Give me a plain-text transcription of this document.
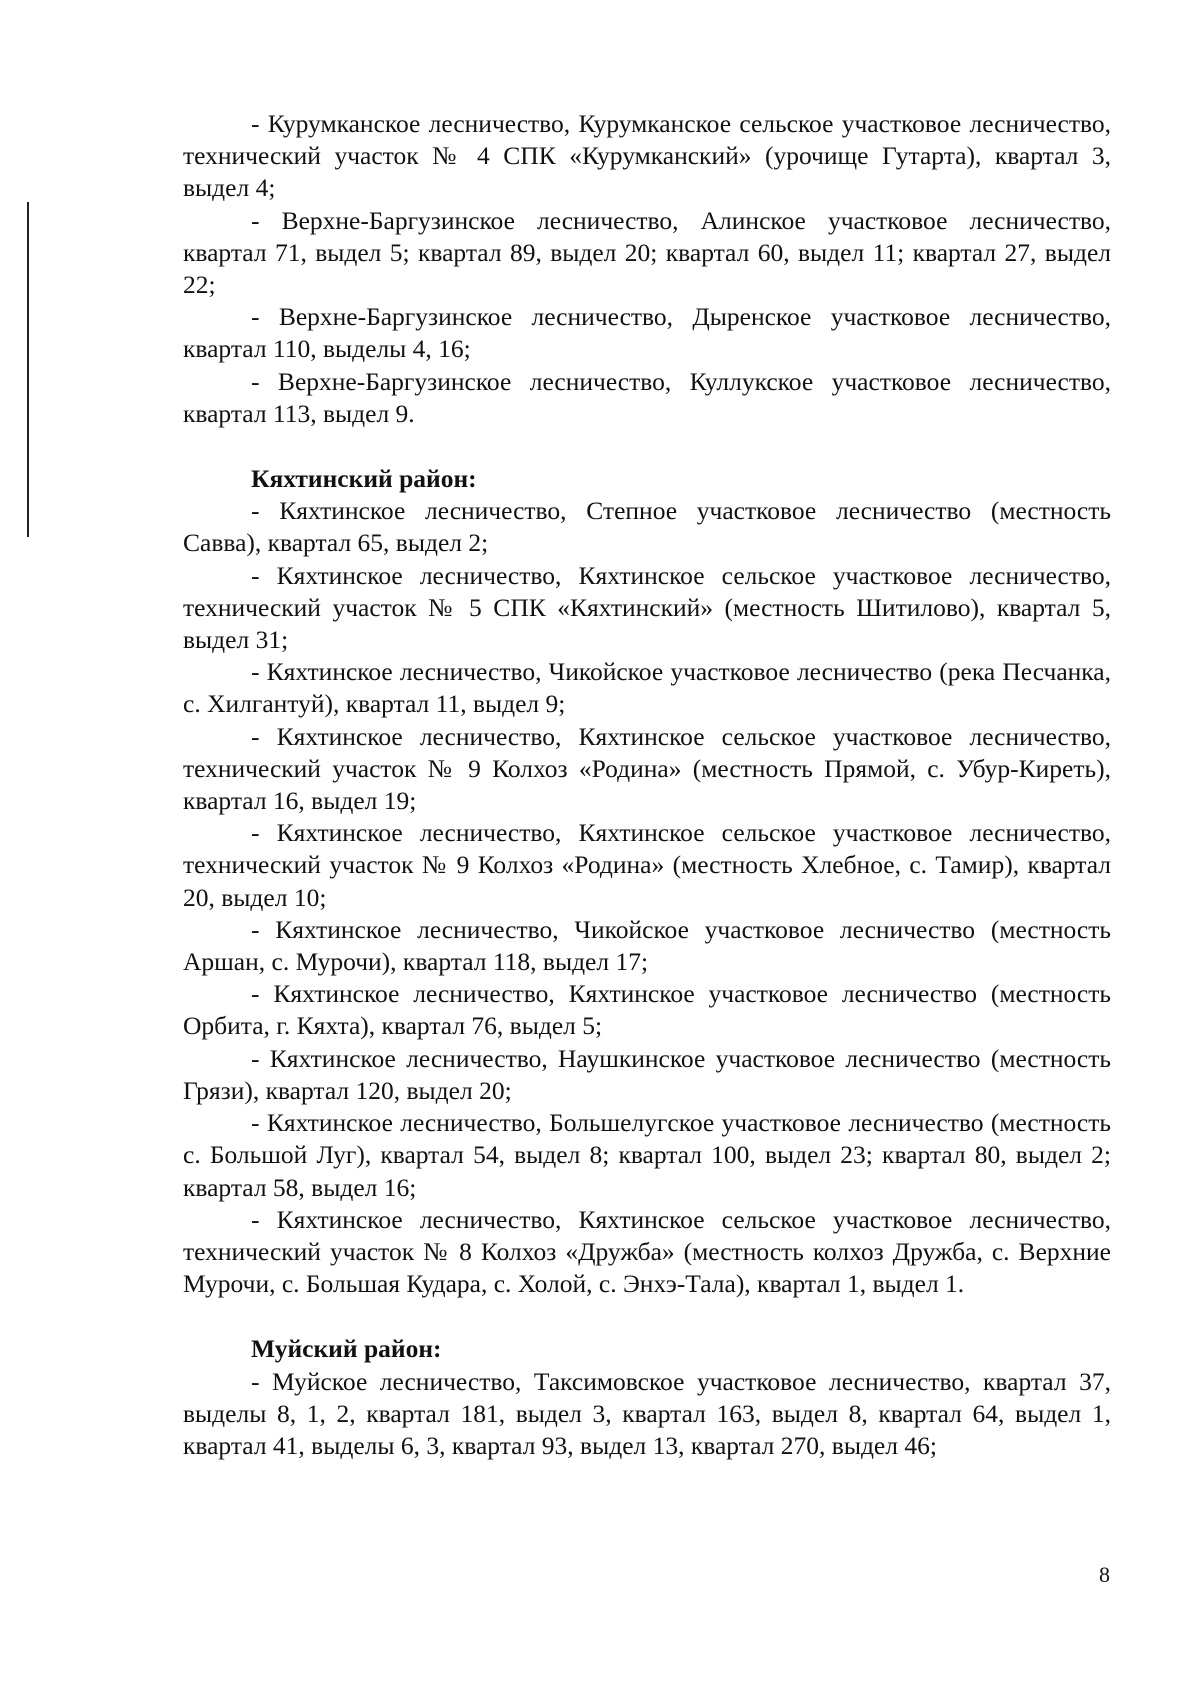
- Курумканское лесничество, Курумканское сельское участковое лесничество, технический участок № 4 СПК «Курумканский» (урочище Гутарта), квартал 3, выдел 4;

- Верхне-Баргузинское лесничество, Алинское участковое лесничество, квартал 71, выдел 5; квартал 89, выдел 20; квартал 60, выдел 11; квартал 27, выдел 22;

- Верхне-Баргузинское лесничество, Дыренское участковое лесничество, квартал 110, выделы 4, 16;

- Верхне-Баргузинское лесничество, Куллукское участковое лесничество, квартал 113, выдел 9.

Кяхтинский район:

- Кяхтинское лесничество, Степное участковое лесничество (местность Савва), квартал 65, выдел 2;

- Кяхтинское лесничество, Кяхтинское сельское участковое лесничество, технический участок № 5 СПК «Кяхтинский» (местность Шитилово), квартал 5, выдел 31;

- Кяхтинское лесничество, Чикойское участковое лесничество (река Песчанка, с. Хилгантуй), квартал 11, выдел 9;

- Кяхтинское лесничество, Кяхтинское сельское участковое лесничество, технический участок № 9 Колхоз «Родина» (местность Прямой, с. Убур-Киреть), квартал 16, выдел 19;

- Кяхтинское лесничество, Кяхтинское сельское участковое лесничество, технический участок № 9 Колхоз «Родина» (местность Хлебное, с. Тамир), квартал 20, выдел 10;

- Кяхтинское лесничество, Чикойское участковое лесничество (местность Аршан, с. Мурочи), квартал 118, выдел 17;

- Кяхтинское лесничество, Кяхтинское участковое лесничество (местность Орбита, г. Кяхта), квартал 76, выдел 5;

- Кяхтинское лесничество, Наушкинское участковое лесничество (местность Грязи), квартал 120, выдел 20;

- Кяхтинское лесничество, Большелугское участковое лесничество (местность с. Большой Луг), квартал 54, выдел 8; квартал 100, выдел 23; квартал 80, выдел 2; квартал 58, выдел 16;

- Кяхтинское лесничество, Кяхтинское сельское участковое лесничество, технический участок № 8 Колхоз «Дружба» (местность колхоз Дружба, с. Верхние Мурочи, с. Большая Кудара, с. Холой, с. Энхэ-Тала), квартал 1, выдел 1.

Муйский район:

- Муйское лесничество, Таксимовское участковое лесничество, квартал 37, выделы 8, 1, 2, квартал 181, выдел 3, квартал 163, выдел 8, квартал 64, выдел 1, квартал 41, выделы 6, 3, квартал 93, выдел 13, квартал 270, выдел 46;

8
